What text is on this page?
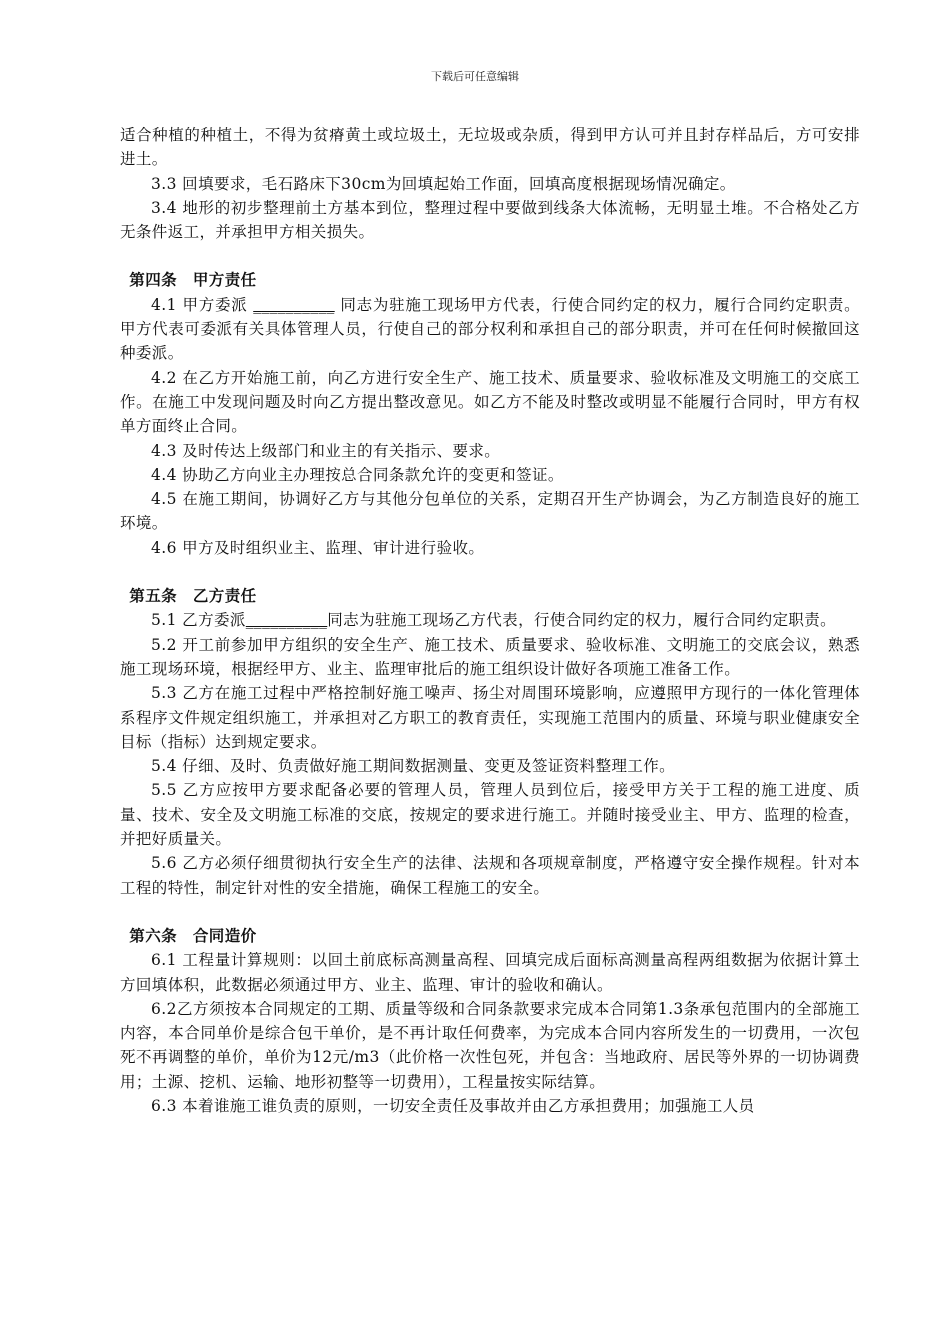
下载后可任意编辑

适合种植的种植土，不得为贫瘠黄土或垃圾土，无垃圾或杂质，得到甲方认可并且封存样品后，方可安排进土。

3.3 回填要求，毛石路床下30cm为回填起始工作面，回填高度根据现场情况确定。

3.4 地形的初步整理前土方基本到位，整理过程中要做到线条大体流畅，无明显土堆。不合格处乙方无条件返工，并承担甲方相关损失。

第四条　甲方责任

4.1 甲方委派 __________ 同志为驻施工现场甲方代表，行使合同约定的权力，履行合同约定职责。甲方代表可委派有关具体管理人员，行使自己的部分权利和承担自己的部分职责，并可在任何时候撤回这种委派。

4.2 在乙方开始施工前，向乙方进行安全生产、施工技术、质量要求、验收标准及文明施工的交底工作。在施工中发现问题及时向乙方提出整改意见。如乙方不能及时整改或明显不能履行合同时，甲方有权单方面终止合同。

4.3 及时传达上级部门和业主的有关指示、要求。

4.4 协助乙方向业主办理按总合同条款允许的变更和签证。

4.5 在施工期间，协调好乙方与其他分包单位的关系，定期召开生产协调会，为乙方制造良好的施工环境。

4.6 甲方及时组织业主、监理、审计进行验收。

第五条　乙方责任

5.1 乙方委派__________同志为驻施工现场乙方代表，行使合同约定的权力，履行合同约定职责。

5.2 开工前参加甲方组织的安全生产、施工技术、质量要求、验收标准、文明施工的交底会议，熟悉施工现场环境，根据经甲方、业主、监理审批后的施工组织设计做好各项施工准备工作。

5.3 乙方在施工过程中严格控制好施工噪声、扬尘对周围环境影响，应遵照甲方现行的一体化管理体系程序文件规定组织施工，并承担对乙方职工的教育责任，实现施工范围内的质量、环境与职业健康安全目标（指标）达到规定要求。

5.4 仔细、及时、负责做好施工期间数据测量、变更及签证资料整理工作。

5.5 乙方应按甲方要求配备必要的管理人员，管理人员到位后，接受甲方关于工程的施工进度、质量、技术、安全及文明施工标准的交底，按规定的要求进行施工。并随时接受业主、甲方、监理的检查，并把好质量关。

5.6 乙方必须仔细贯彻执行安全生产的法律、法规和各项规章制度，严格遵守安全操作规程。针对本工程的特性，制定针对性的安全措施，确保工程施工的安全。

第六条　合同造价

6.1 工程量计算规则：以回土前底标高测量高程、回填完成后面标高测量高程两组数据为依据计算土方回填体积，此数据必须通过甲方、业主、监理、审计的验收和确认。

6.2乙方须按本合同规定的工期、质量等级和合同条款要求完成本合同第1.3条承包范围内的全部施工内容，本合同单价是综合包干单价，是不再计取任何费率，为完成本合同内容所发生的一切费用，一次包死不再调整的单价，单价为12元/m3（此价格一次性包死，并包含：当地政府、居民等外界的一切协调费用；土源、挖机、运输、地形初整等一切费用），工程量按实际结算。

6.3 本着谁施工谁负责的原则，一切安全责任及事故并由乙方承担费用；加强施工人员
